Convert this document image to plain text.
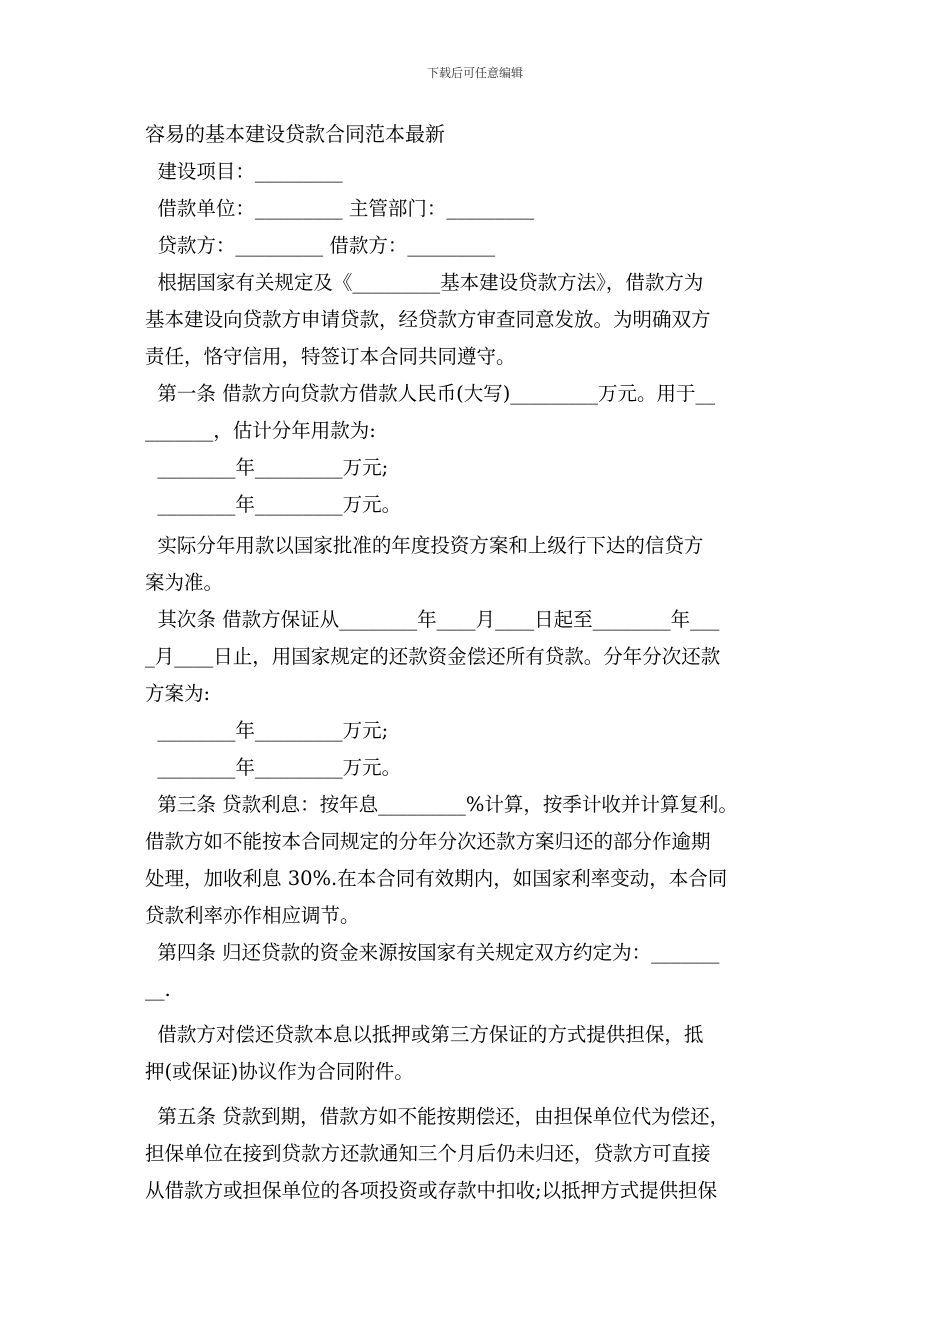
下载后可任意编辑
容易的基本建设贷款合同范本最新
建设项目：_________
借款单位：_________ 主管部门：_________
贷款方：_________ 借款方：_________
根据国家有关规定及《_________基本建设贷款方法》，借款方为
基本建设向贷款方申请贷款，经贷款方审查同意发放。为明确双方
责任，恪守信用，特签订本合同共同遵守。
第一条 借款方向贷款方借款人民币(大写)_________万元。用于__
_______，估计分年用款为:
________年_________万元;
________年_________万元。
实际分年用款以国家批准的年度投资方案和上级行下达的信贷方
案为准。
其次条 借款方保证从________年____月____日起至________年___
_月____日止，用国家规定的还款资金偿还所有贷款。分年分次还款
方案为:
________年_________万元;
________年_________万元。
第三条 贷款利息：按年息_________%计算，按季计收并计算复利。
借款方如不能按本合同规定的分年分次还款方案归还的部分作逾期
处理，加收利息 30%.在本合同有效期内，如国家利率变动，本合同
贷款利率亦作相应调节。
第四条 归还贷款的资金来源按国家有关规定双方约定为：_______
__.
借款方对偿还贷款本息以抵押或第三方保证的方式提供担保，抵
押(或保证)协议作为合同附件。
第五条 贷款到期，借款方如不能按期偿还，由担保单位代为偿还，
担保单位在接到贷款方还款通知三个月后仍未归还，贷款方可直接
从借款方或担保单位的各项投资或存款中扣收;以抵押方式提供担保
